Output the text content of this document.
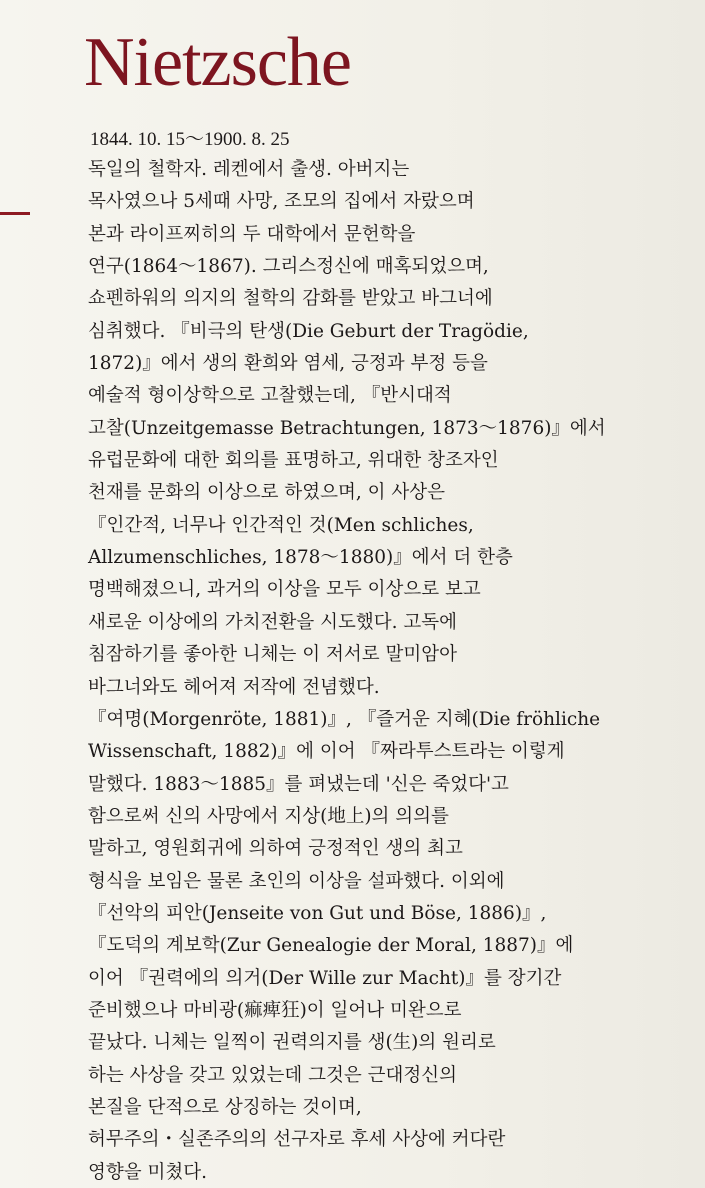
Nietzsche
1844. 10. 15～1900. 8. 25
독일의 철학자. 레켄에서 출생. 아버지는
목사였으나 5세때 사망, 조모의 집에서 자랐으며
본과 라이프찌히의 두 대학에서 문헌학을
연구(1864～1867). 그리스정신에 매혹되었으며,
쇼펜하워의 의지의 철학의 감화를 받았고 바그너에
심취했다. 『비극의 탄생(Die Geburt der Tragödie,
1872)』에서 생의 환희와 염세, 긍정과 부정 등을
예술적 형이상학으로 고찰했는데, 『반시대적
고찰(Unzeitgemasse Betrachtungen, 1873～1876)』에서
유럽문화에 대한 회의를 표명하고, 위대한 창조자인
천재를 문화의 이상으로 하였으며, 이 사상은
『인간적, 너무나 인간적인 것(Men schliches,
Allzumenschliches, 1878～1880)』에서 더 한층
명백해졌으니, 과거의 이상을 모두 이상으로 보고
새로운 이상에의 가치전환을 시도했다. 고독에
침잠하기를 좋아한 니체는 이 저서로 말미암아
바그너와도 헤어져 저작에 전념했다.
『여명(Morgenröte, 1881)』, 『즐거운 지혜(Die fröhliche
Wissenschaft, 1882)』에 이어 『짜라투스트라는 이렇게
말했다. 1883～1885』를 펴냈는데 '신은 죽었다'고
함으로써 신의 사망에서 지상(地上)의 의의를
말하고, 영원회귀에 의하여 긍정적인 생의 최고
형식을 보임은 물론 초인의 이상을 설파했다. 이외에
『선악의 피안(Jenseite von Gut und Böse, 1886)』,
『도덕의 계보학(Zur Genealogie der Moral, 1887)』에
이어 『권력에의 의거(Der Wille zur Macht)』를 장기간
준비했으나 마비광(痲痺狂)이 일어나 미완으로
끝났다. 니체는 일찍이 권력의지를 생(生)의 원리로
하는 사상을 갖고 있었는데 그것은 근대정신의
본질을 단적으로 상징하는 것이며,
허무주의・실존주의의 선구자로 후세 사상에 커다란
영향을 미쳤다.
